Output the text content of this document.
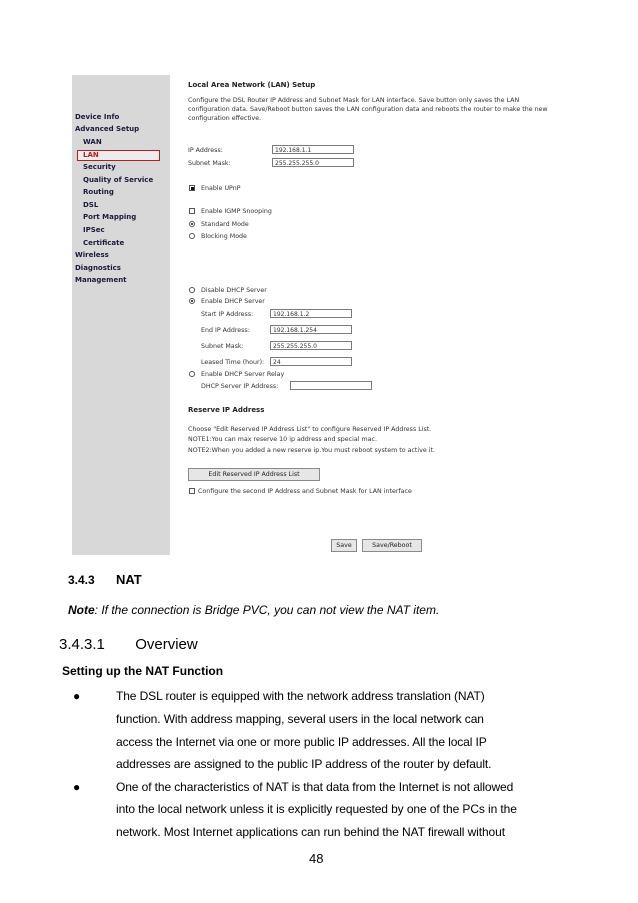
Device Info
Advanced Setup
WAN
LAN
Security
Quality of Service
Routing
DSL
Port Mapping
IPSec
Certificate
Wireless
Diagnostics
Management
Local Area Network (LAN) Setup
Configure the DSL Router IP Address and Subnet Mask for LAN interface. Save button only saves the LAN
configuration data. Save/Reboot button saves the LAN configuration data and reboots the router to make the new
configuration effective.
IP Address:	192.168.1.1
Subnet Mask:	255.255.255.0
Enable UPnP
Enable IGMP Snooping
Standard Mode
Blocking Mode
Disable DHCP Server
Enable DHCP Server
Start IP Address:	192.168.1.2
End IP Address:	192.168.1.254
Subnet Mask:	255.255.255.0
Leased Time (hour):	24
Enable DHCP Server Relay
DHCP Server IP Address:
Reserve IP Address
Choose "Edit Reserved IP Address List" to configure Reserved IP Address List.
NOTE1:You can max reserve 10 ip address and special mac.
NOTE2:When you added a new reserve ip.You must reboot system to active it.
Edit Reserved IP Address List
Configure the second IP Address and Subnet Mask for LAN interface
Save	Save/Reboot
3.4.3 NAT
Note: If the connection is Bridge PVC, you can not view the NAT item.
3.4.3.1 Overview
Setting up the NAT Function
●	The DSL router is equipped with the network address translation (NAT)
function. With address mapping, several users in the local network can
access the Internet via one or more public IP addresses. All the local IP
addresses are assigned to the public IP address of the router by default.
●	One of the characteristics of NAT is that data from the Internet is not allowed
into the local network unless it is explicitly requested by one of the PCs in the
network. Most Internet applications can run behind the NAT firewall without
48
